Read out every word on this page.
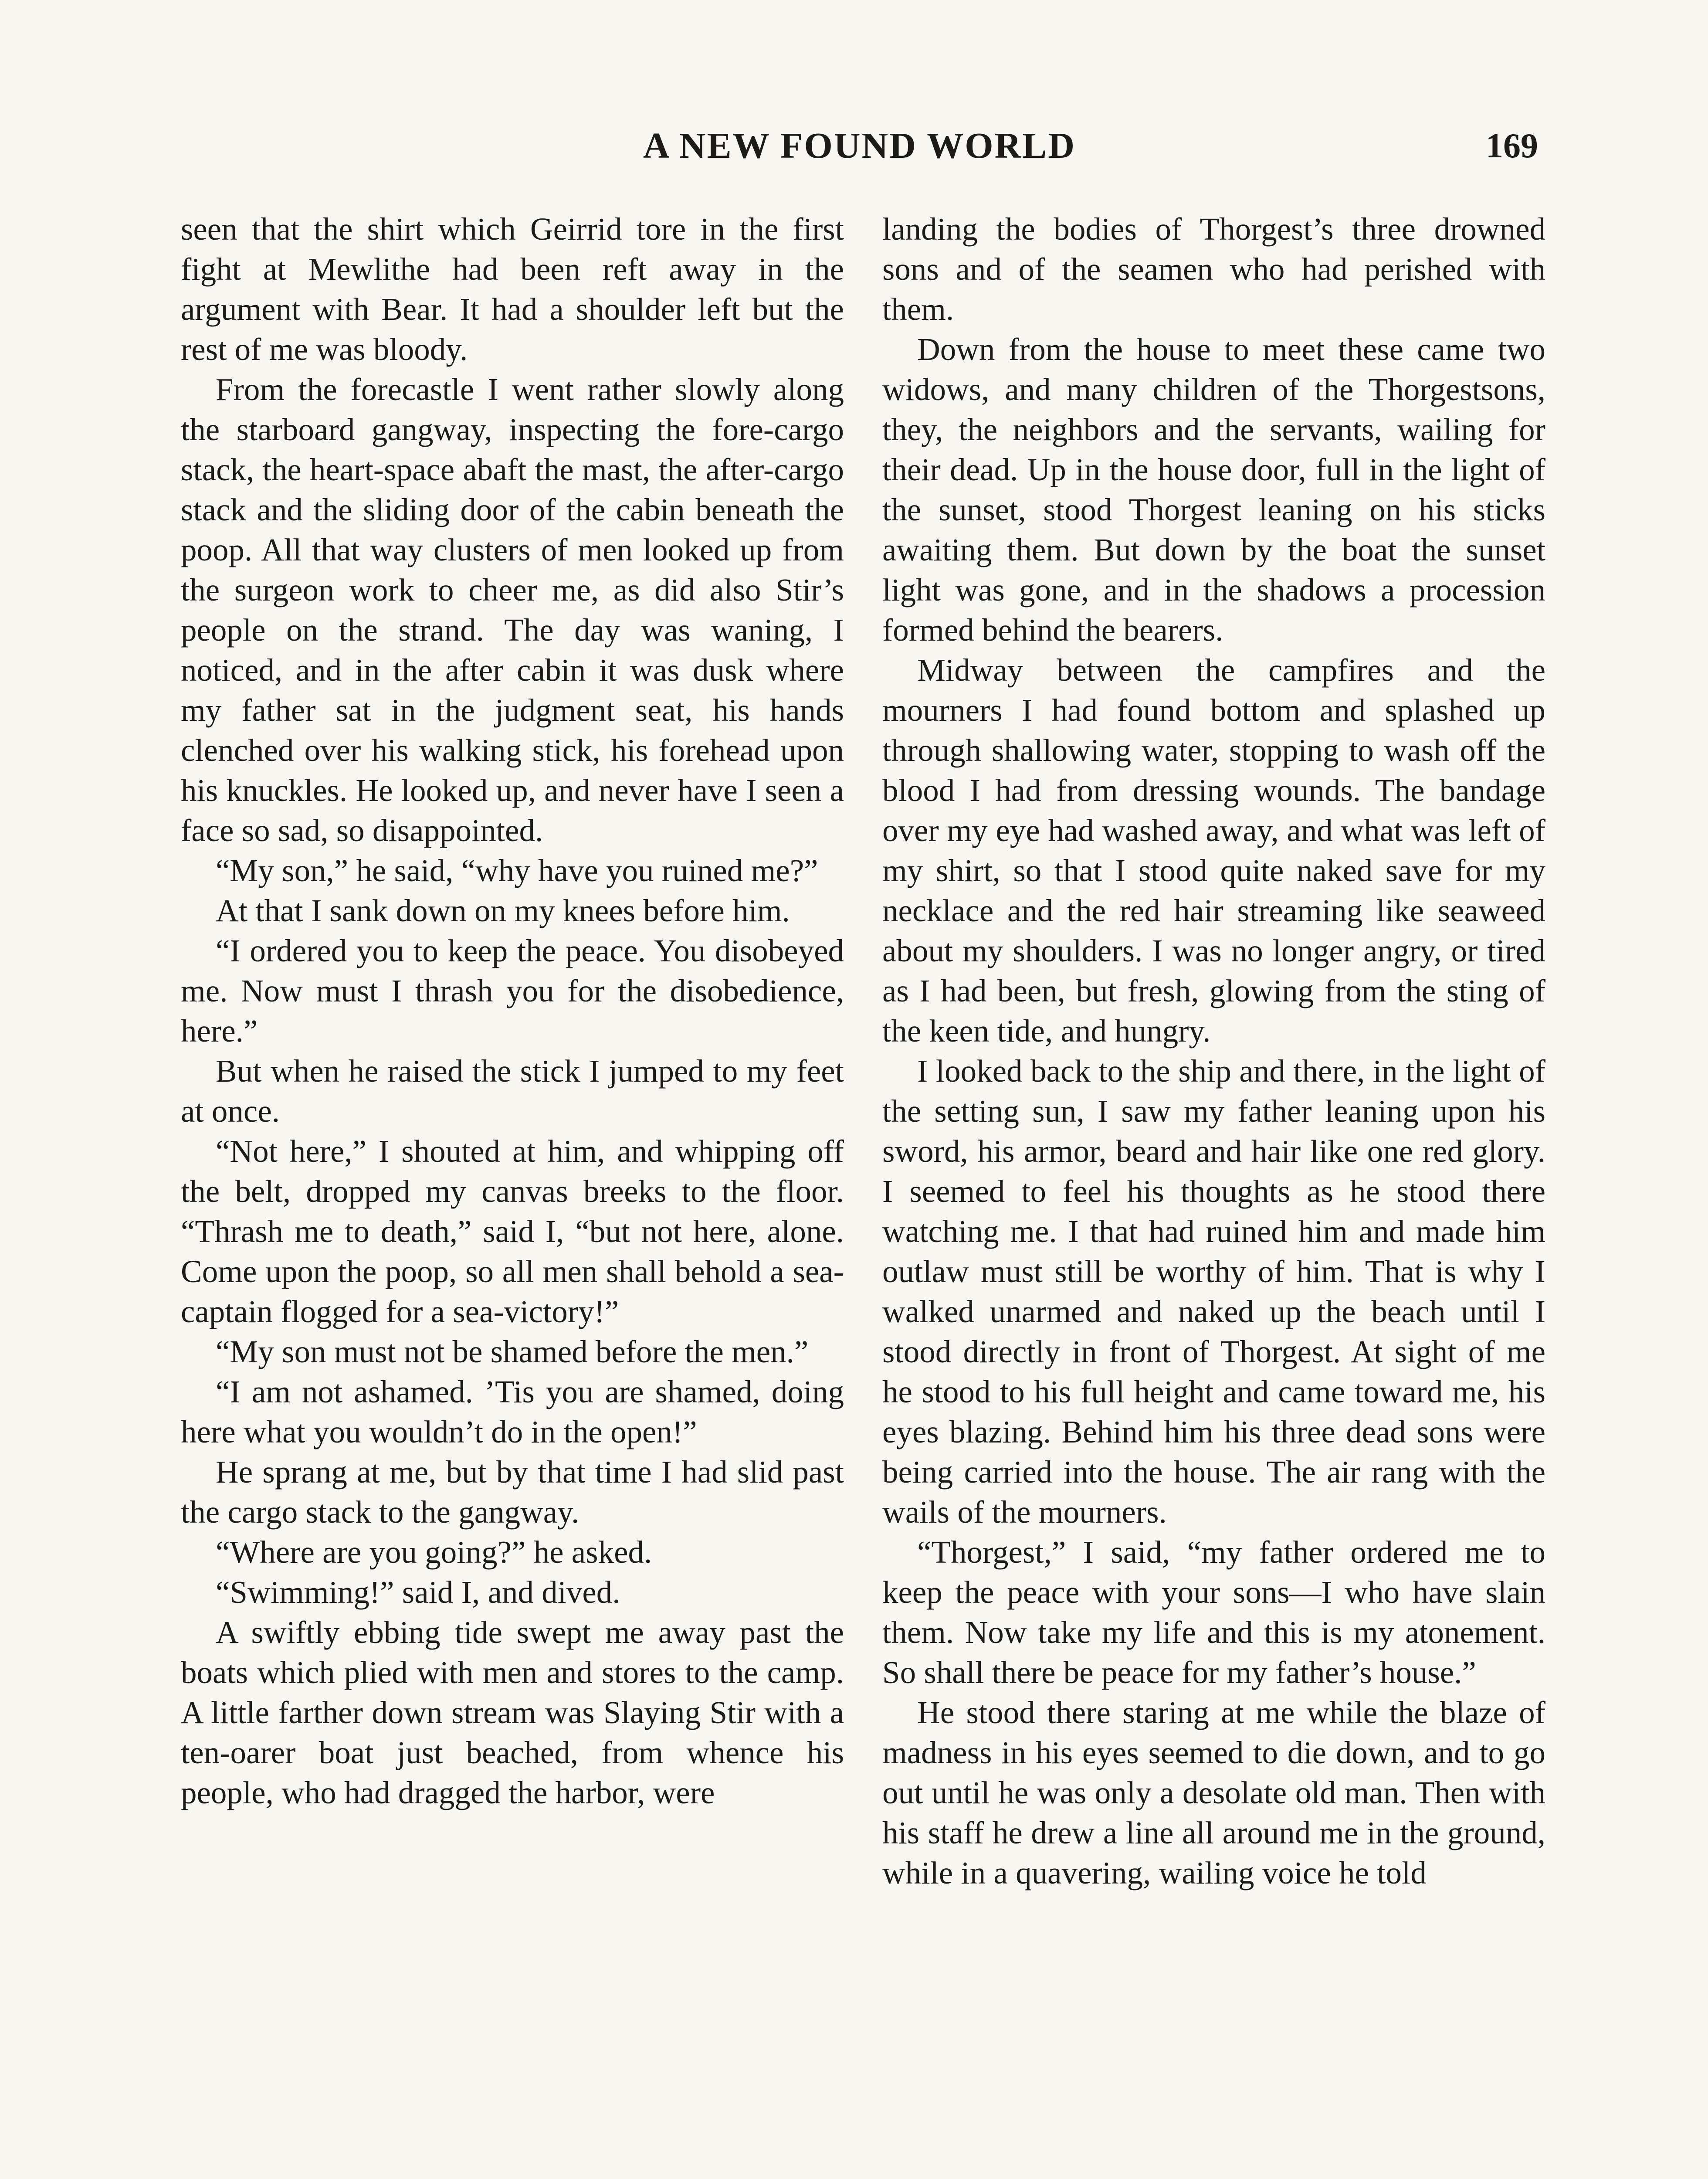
A NEW FOUND WORLD	169

seen that the shirt which Geirrid tore in the first fight at Mewlithe had been reft away in the argument with Bear. It had a shoulder left but the rest of me was bloody.

From the forecastle I went rather slowly along the starboard gangway, inspecting the fore-cargo stack, the heart-space abaft the mast, the after-cargo stack and the sliding door of the cabin beneath the poop. All that way clusters of men looked up from the surgeon work to cheer me, as did also Stir’s people on the strand. The day was waning, I noticed, and in the after cabin it was dusk where my father sat in the judgment seat, his hands clenched over his walking stick, his forehead upon his knuckles. He looked up, and never have I seen a face so sad, so disappointed.

“My son,” he said, “why have you ruined me?”

At that I sank down on my knees before him.

“I ordered you to keep the peace. You disobeyed me. Now must I thrash you for the disobedience, here.”

But when he raised the stick I jumped to my feet at once.

“Not here,” I shouted at him, and whipping off the belt, dropped my canvas breeks to the floor. “Thrash me to death,” said I, “but not here, alone. Come upon the poop, so all men shall behold a sea-captain flogged for a sea-victory!”

“My son must not be shamed before the men.”

“I am not ashamed. ’Tis you are shamed, doing here what you wouldn’t do in the open!”

He sprang at me, but by that time I had slid past the cargo stack to the gangway.

“Where are you going?” he asked.

“Swimming!” said I, and dived.

A swiftly ebbing tide swept me away past the boats which plied with men and stores to the camp. A little farther down stream was Slaying Stir with a ten-oarer boat just beached, from whence his people, who had dragged the harbor, were

landing the bodies of Thorgest’s three drowned sons and of the seamen who had perished with them.

Down from the house to meet these came two widows, and many children of the Thorgestsons, they, the neighbors and the servants, wailing for their dead. Up in the house door, full in the light of the sunset, stood Thorgest leaning on his sticks awaiting them. But down by the boat the sunset light was gone, and in the shadows a procession formed behind the bearers.

Midway between the campfires and the mourners I had found bottom and splashed up through shallowing water, stopping to wash off the blood I had from dressing wounds. The bandage over my eye had washed away, and what was left of my shirt, so that I stood quite naked save for my necklace and the red hair streaming like seaweed about my shoulders. I was no longer angry, or tired as I had been, but fresh, glowing from the sting of the keen tide, and hungry.

I looked back to the ship and there, in the light of the setting sun, I saw my father leaning upon his sword, his armor, beard and hair like one red glory. I seemed to feel his thoughts as he stood there watching me. I that had ruined him and made him outlaw must still be worthy of him. That is why I walked unarmed and naked up the beach until I stood directly in front of Thorgest. At sight of me he stood to his full height and came toward me, his eyes blazing. Behind him his three dead sons were being carried into the house. The air rang with the wails of the mourners.

“Thorgest,” I said, “my father ordered me to keep the peace with your sons—I who have slain them. Now take my life and this is my atonement. So shall there be peace for my father’s house.”

He stood there staring at me while the blaze of madness in his eyes seemed to die down, and to go out until he was only a desolate old man. Then with his staff he drew a line all around me in the ground, while in a quavering, wailing voice he told
